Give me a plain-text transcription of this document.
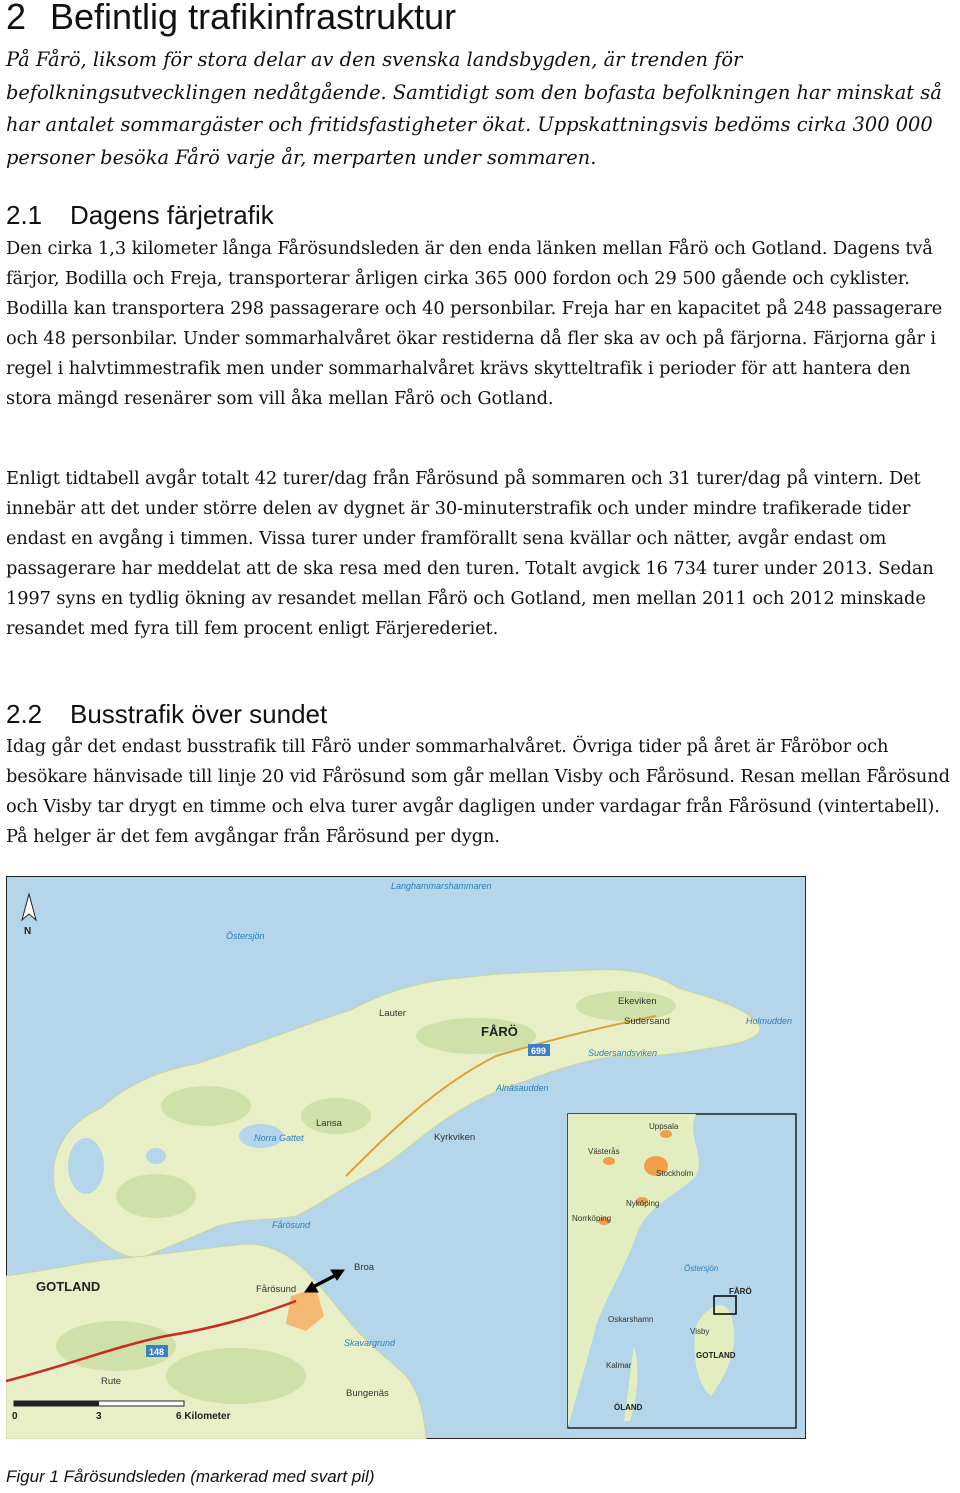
2 Befintlig trafikinfrastruktur

På Fårö, liksom för stora delar av den svenska landsbygden, är trenden för befolkningsutvecklingen nedåtgående. Samtidigt som den bofasta befolkningen har minskat så har antalet sommargäster och fritidsfastigheter ökat. Uppskattningsvis bedöms cirka 300 000 personer besöka Fårö varje år, merparten under sommaren.

2.1 Dagens färjetrafik

Den cirka 1,3 kilometer långa Fårösundsleden är den enda länken mellan Fårö och Gotland. Dagens två färjor, Bodilla och Freja, transporterar årligen cirka 365 000 fordon och 29 500 gående och cyklister. Bodilla kan transportera 298 passagerare och 40 personbilar. Freja har en kapacitet på 248 passagerare och 48 personbilar. Under sommarhalvåret ökar restiderna då fler ska av och på färjorna. Färjorna går i regel i halvtimmestrafik men under sommarhalvåret krävs skytteltrafik i perioder för att hantera den stora mängd resenärer som vill åka mellan Fårö och Gotland.

Enligt tidtabell avgår totalt 42 turer/dag från Fårösund på sommaren och 31 turer/dag på vintern. Det innebär att det under större delen av dygnet är 30-minuterstrafik och under mindre trafikerade tider endast en avgång i timmen. Vissa turer under framförallt sena kvällar och nätter, avgår endast om passagerare har meddelat att de ska resa med den turen. Totalt avgick 16 734 turer under 2013. Sedan 1997 syns en tydlig ökning av resandet mellan Fårö och Gotland, men mellan 2011 och 2012 minskade resandet med fyra till fem procent enligt Färjerederiet.

2.2 Busstrafik över sundet

Idag går det endast busstrafik till Fårö under sommarhalvåret. Övriga tider på året är Fåröbor och besökare hänvisade till linje 20 vid Fårösund som går mellan Visby och Fårösund. Resan mellan Fårösund och Visby tar drygt en timme och elva turer avgår dagligen under vardagar från Fårösund (vintertabell). På helger är det fem avgångar från Fårösund per dygn.

N
0	3	6 Kilometer
Langhammarshammaren
Östersjön
Ekeviken
Lauter
FÅRÖ
Sudersand	Holmudden
Sudersandsviken
699
Alnäsaudden
Lansa
Kyrkviken
Norra Gattet
Fårösund
Broa
GOTLAND	Fårösund
Skavargrund
148
Rute
Bungenäs
Uppsala
Västerås
Stockholm
Nyköping
Norrköping
Östersjön
FÅRÖ
Oskarshamn
Visby
GOTLAND
Kalmar
ÖLAND

Figur 1 Fårösundsleden (markerad med svart pil)
